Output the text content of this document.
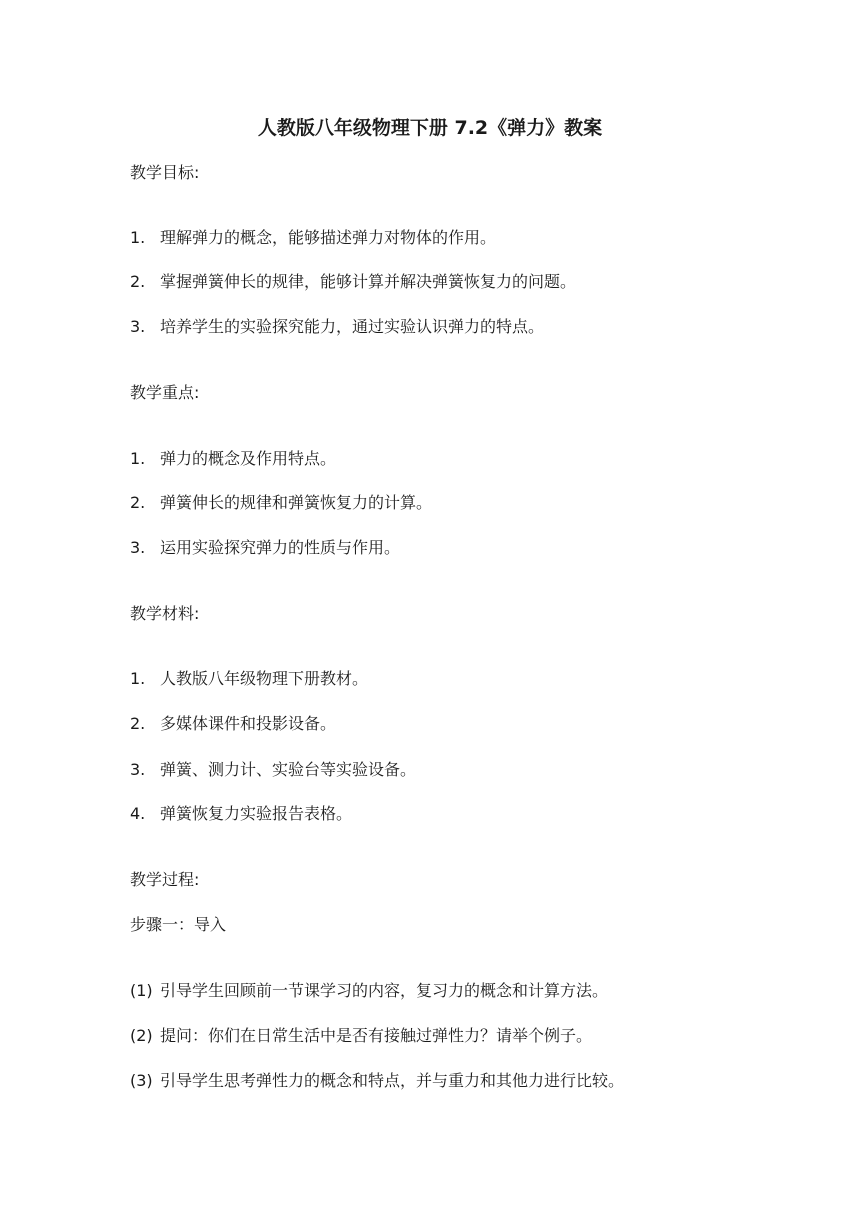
人教版八年级物理下册 7.2《弹力》教案
教学目标:
1. 理解弹力的概念，能够描述弹力对物体的作用。
2. 掌握弹簧伸长的规律，能够计算并解决弹簧恢复力的问题。
3. 培养学生的实验探究能力，通过实验认识弹力的特点。
教学重点:
1. 弹力的概念及作用特点。
2. 弹簧伸长的规律和弹簧恢复力的计算。
3. 运用实验探究弹力的性质与作用。
教学材料:
1. 人教版八年级物理下册教材。
2. 多媒体课件和投影设备。
3. 弹簧、测力计、实验台等实验设备。
4. 弹簧恢复力实验报告表格。
教学过程:
步骤一：导入
(1) 引导学生回顾前一节课学习的内容，复习力的概念和计算方法。
(2) 提问：你们在日常生活中是否有接触过弹性力？请举个例子。
(3) 引导学生思考弹性力的概念和特点，并与重力和其他力进行比较。
